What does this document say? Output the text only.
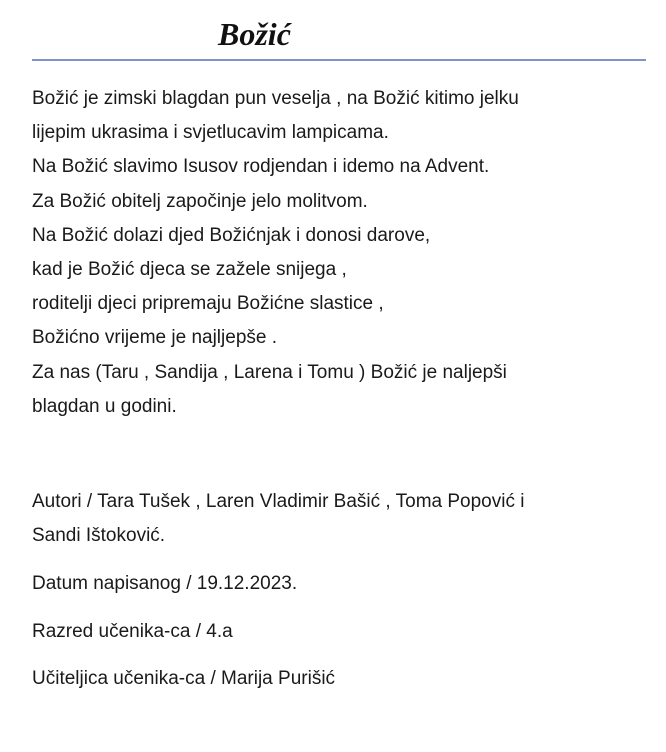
Božić
Božić je zimski blagdan pun veselja , na Božić kitimo jelku
lijepim ukrasima i svjetlucavim lampicama.
Na Božić slavimo Isusov rodjendan i idemo na Advent.
Za Božić obitelj započinje jelo molitvom.
Na Božić dolazi djed Božićnjak i donosi darove,
kad je Božić djeca se zažele snijega ,
roditelji djeci pripremaju Božićne slastice ,
Božićno vrijeme je najljepše .
Za nas (Taru , Sandija , Larena i Tomu ) Božić je naljepši
blagdan u godini.
Autori / Tara Tušek , Laren Vladimir Bašić , Toma Popović i
Sandi Ištoković.
Datum napisanog / 19.12.2023.
Razred učenika-ca / 4.a
Učiteljica učenika-ca / Marija Purišić
